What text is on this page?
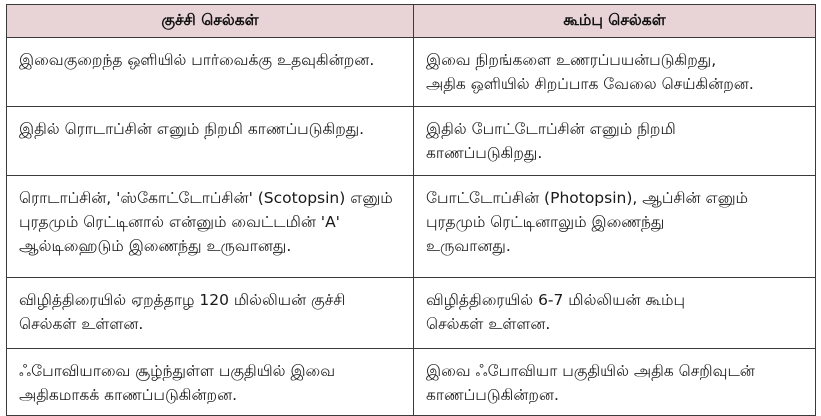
குச்சி செல்கள்	கூம்பு செல்கள்

இவைகுறைந்த ஒளியில் பார்வைக்கு உதவுகின்றன.	இவை நிறங்களை உணரப்பயன்படுகிறது,
அதிக ஒளியில் சிறப்பாக வேலை செய்கின்றன.

இதில் ரொடாப்சின் எனும் நிறமி காணப்படுகிறது.	இதில் போட்டோப்சின் எனும் நிறமி
காணப்படுகிறது.

ரொடாப்சின், 'ஸ்கோட்டோப்சின்' (Scotopsin) எனும்
புரதமும் ரெட்டினால் என்னும் வைட்டமின் 'A'
ஆல்டிஹைடும் இணைந்து உருவானது.	போட்டோப்சின் (Photopsin), ஆப்சின் எனும்
புரதமும் ரெட்டினாலும் இணைந்து
உருவானது.

விழித்திரையில் ஏறத்தாழ 120 மில்லியன் குச்சி
செல்கள் உள்ளன.	விழித்திரையில் 6-7 மில்லியன் கூம்பு
செல்கள் உள்ளன.

ஃபோவியாவை சூழ்ந்துள்ள பகுதியில் இவை
அதிகமாகக் காணப்படுகின்றன.	இவை ஃபோவியா பகுதியில் அதிக செறிவுடன்
காணப்படுகின்றன.
